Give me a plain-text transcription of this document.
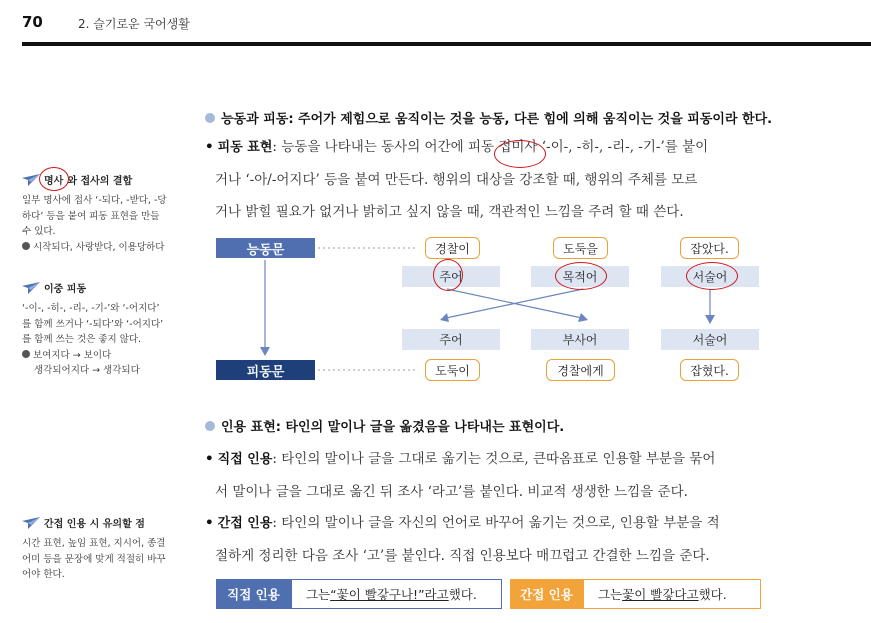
70	2. 슬기로운 국어생활
명사 와 접사의 결합
일부 명사에 접사 ‘-되다, -받다, -당
하다’ 등을 붙여 피동 표현을 만들
수 있다.
시작되다, 사랑받다, 이용당하다
이중 피동
‘-이-, -히-, -리-, -기-’와 ‘-어지다’
를 함께 쓰거나 ‘-되다’와 ‘-어지다’
를 함께 쓰는 것은 좋지 않다.
보여지다 → 보이다
생각되어지다 → 생각되다
간접 인용 시 유의할 점
시간 표현, 높임 표현, 지시어, 종결
어미 등을 문장에 맞게 적절히 바꾸
어야 한다.
능동과 피동: 주어가 제힘으로 움직이는 것을 능동, 다른 힘에 의해 움직이는 것을 피동이라 한다.
• 피동 표현: 능동을 나타내는 동사의 어간에 피동 접미사
‘-이-, -히-, -리-, -기-’를 붙이
거나 ‘-아/-어지다’ 등을 붙여 만든다. 행위의 대상을 강조할 때, 행위의 주체를 모르
거나 밝힐 필요가 없거나 밝히고 싶지 않을 때, 객관적인 느낌을 주려 할 때 쓴다.
능동문
피동문
경찰이	도둑을	잡았다.
주어	목적어	서술어
주어	부사어	서술어
도둑이	경찰에게	잡혔다.
인용 표현: 타인의 말이나 글을 옮겼음을 나타내는 표현이다.
• 직접 인용: 타인의 말이나 글을 그대로 옮기는 것으로, 큰따옴표로 인용할 부분을 묶어
서 말이나 글을 그대로 옮긴 뒤 조사 ‘라고’를 붙인다. 비교적 생생한 느낌을 준다.
• 간접 인용: 타인의 말이나 글을 자신의 언어로 바꾸어 옮기는 것으로, 인용할 부분을 적
절하게 정리한 다음 조사 ‘고’를 붙인다. 직접 인용보다 매끄럽고 간결한 느낌을 준다.
직접 인용	그는 “꽃이 빨갛구나!”라고 했다.	간접 인용	그는 꽃이 빨갛다고 했다.
